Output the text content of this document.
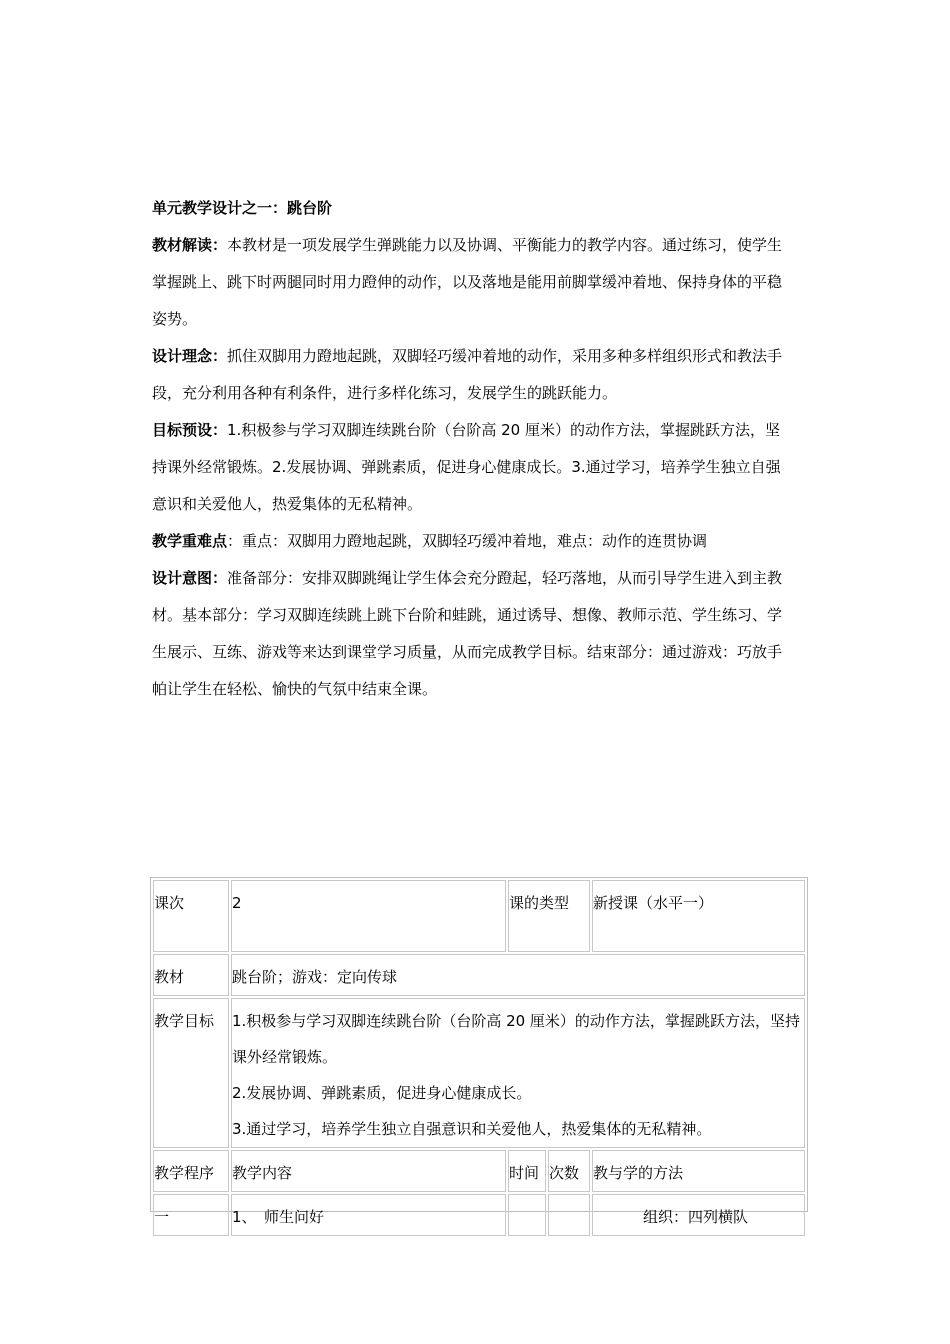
单元教学设计之一：跳台阶

教材解读：本教材是一项发展学生弹跳能力以及协调、平衡能力的教学内容。通过练习，使学生掌握跳上、跳下时两腿同时用力蹬伸的动作，以及落地是能用前脚掌缓冲着地、保持身体的平稳姿势。

设计理念：抓住双脚用力蹬地起跳，双脚轻巧缓冲着地的动作，采用多种多样组织形式和教法手段，充分利用各种有利条件，进行多样化练习，发展学生的跳跃能力。

目标预设：1.积极参与学习双脚连续跳台阶（台阶高 20 厘米）的动作方法，掌握跳跃方法，坚持课外经常锻炼。2.发展协调、弹跳素质，促进身心健康成长。3.通过学习，培养学生独立自强意识和关爱他人，热爱集体的无私精神。

教学重难点：重点：双脚用力蹬地起跳，双脚轻巧缓冲着地，难点：动作的连贯协调

设计意图：准备部分：安排双脚跳绳让学生体会充分蹬起，轻巧落地，从而引导学生进入到主教材。基本部分：学习双脚连续跳上跳下台阶和蛙跳，通过诱导、想像、教师示范、学生练习、学生展示、互练、游戏等来达到课堂学习质量，从而完成教学目标。结束部分：通过游戏：巧放手帕让学生在轻松、愉快的气氛中结束全课。

课次	2	课的类型		新授课（水平一）
教材	跳台阶；游戏：定向传球			
教学目标	1.积极参与学习双脚连续跳台阶（台阶高 20 厘米）的动作方法，掌握跳跃方法，坚持课外经常锻炼。
2.发展协调、弹跳素质，促进身心健康成长。
3.通过学习，培养学生独立自强意识和关爱他人，热爱集体的无私精神。			

教学程序	教学内容	时间	次数	教与学的方法
一	1、　师生问好			组织：四列横队
